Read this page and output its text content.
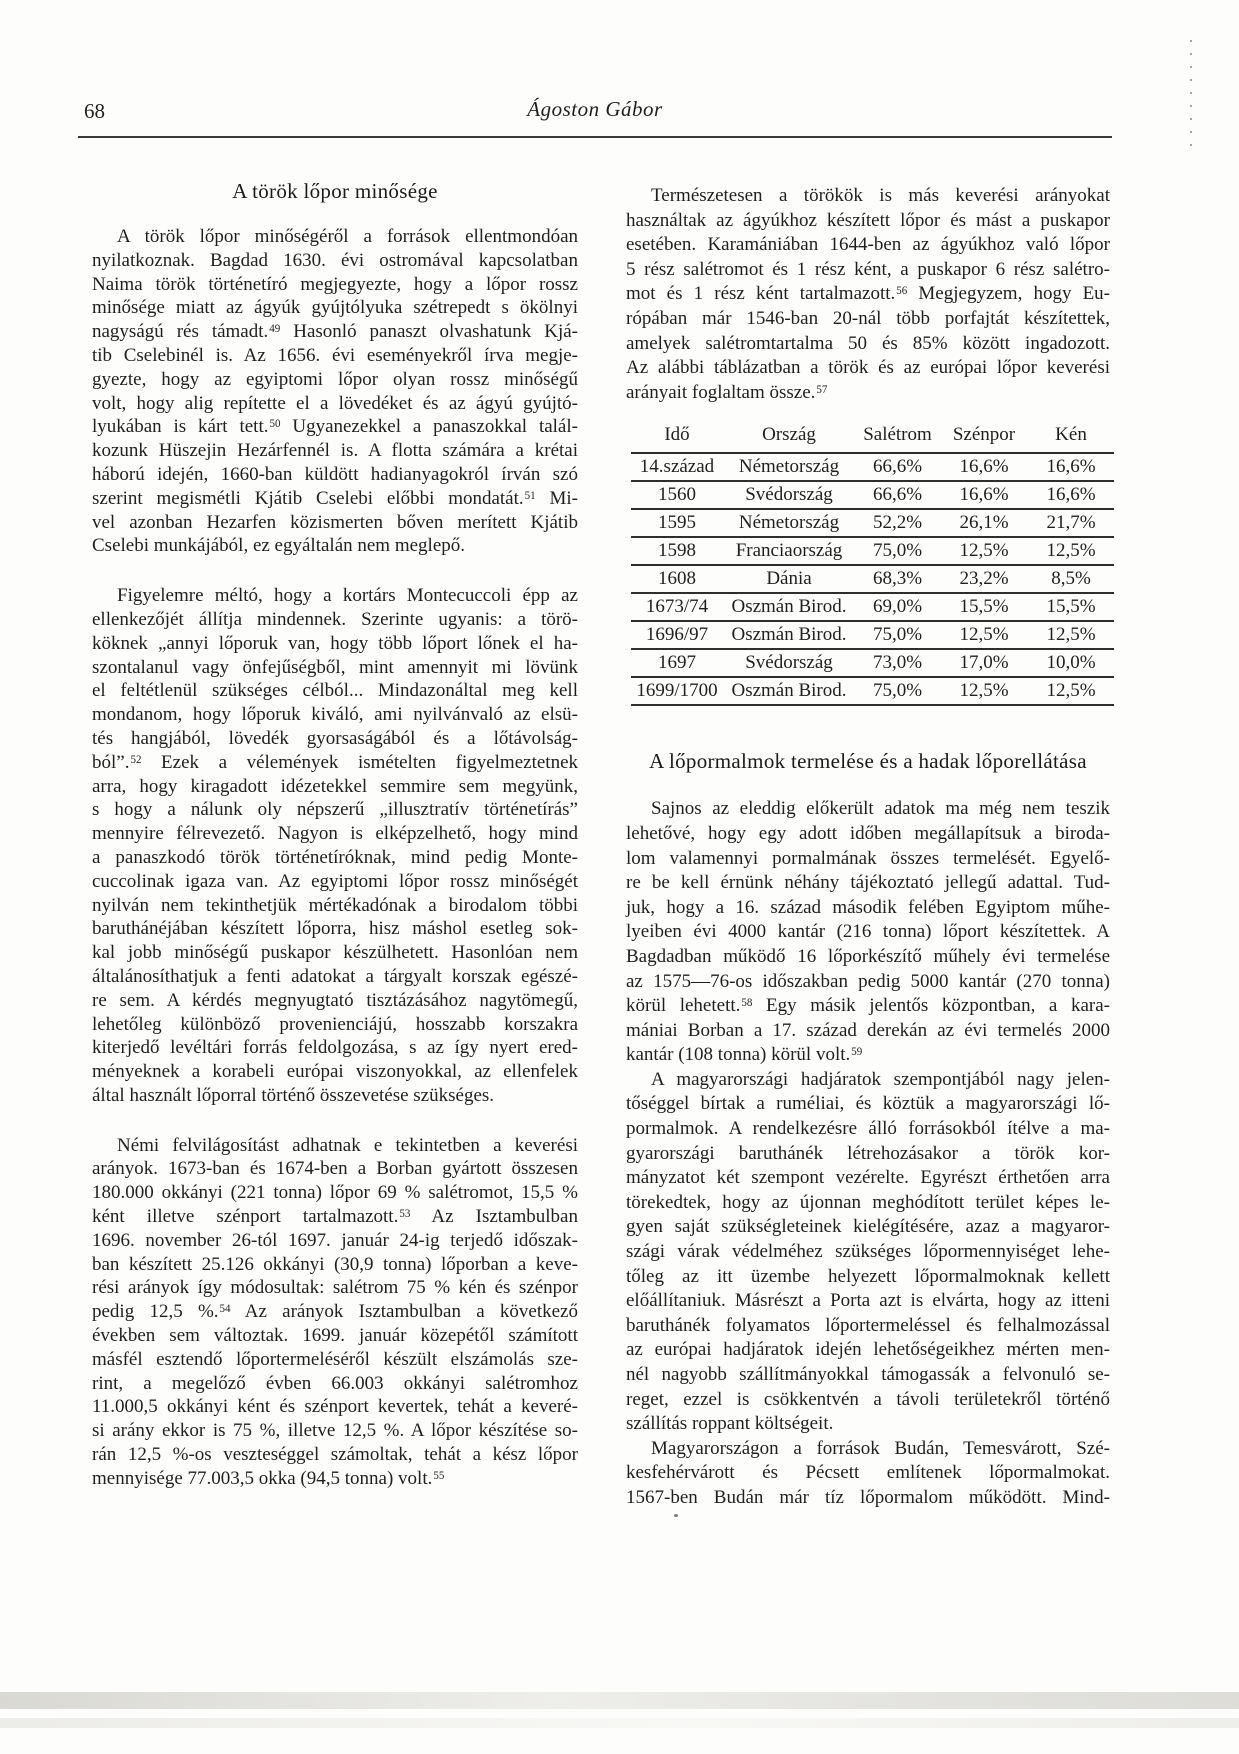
68	Ágoston Gábor
A török lőpor minősége
A török lőpor minőségéről a források ellentmondóan
nyilatkoznak. Bagdad 1630. évi ostromával kapcsolatban
Naima török történetíró megjegyezte, hogy a lőpor rossz
minősége miatt az ágyúk gyújtólyuka szétrepedt s ökölnyi
nagyságú rés támadt.$^{49}$ Hasonló panaszt olvashatunk Kjá-
tib Cselebinél is. Az 1656. évi eseményekről írva megje-
gyezte, hogy az egyiptomi lőpor olyan rossz minőségű
volt, hogy alig repítette el a lövedéket és az ágyú gyújtó-
lyukában is kárt tett.$^{50}$ Ugyanezekkel a panaszokkal talál-
kozunk Hüszejin Hezárfennél is. A flotta számára a krétai
háború idején, 1660-ban küldött hadianyagokról írván szó
szerint megismétli Kjátib Cselebi előbbi mondatát.$^{51}$ Mi-
vel azonban Hezarfen közismerten bőven merített Kjátib
Cselebi munkájából, ez egyáltalán nem meglepő.
Figyelemre méltó, hogy a kortárs Montecuccoli épp az
ellenkezőjét állítja mindennek. Szerinte ugyanis: a törö-
köknek „annyi lőporuk van, hogy több lőport lőnek el ha-
szontalanul vagy önfejűségből, mint amennyit mi lövünk
el feltétlenül szükséges célból... Mindazonáltal meg kell
mondanom, hogy lőporuk kiváló, ami nyilvánvaló az elsü-
tés hangjából, lövedék gyorsaságából és a lőtávolság-
ból”.$^{52}$ Ezek a vélemények ismételten figyelmeztetnek
arra, hogy kiragadott idézetekkel semmire sem megyünk,
s hogy a nálunk oly népszerű „illusztratív történetírás”
mennyire félrevezető. Nagyon is elképzelhető, hogy mind
a panaszkodó török történetíróknak, mind pedig Monte-
cuccolinak igaza van. Az egyiptomi lőpor rossz minőségét
nyilván nem tekinthetjük mértékadónak a birodalom többi
baruthánéjában készített lőporra, hisz máshol esetleg sok-
kal jobb minőségű puskapor készülhetett. Hasonlóan nem
általánosíthatjuk a fenti adatokat a tárgyalt korszak egészé-
re sem. A kérdés megnyugtató tisztázásához nagytömegű,
lehetőleg különböző provenienciájú, hosszabb korszakra
kiterjedő levéltári forrás feldolgozása, s az így nyert ered-
ményeknek a korabeli európai viszonyokkal, az ellenfelek
által használt lőporral történő összevetése szükséges.
Némi felvilágosítást adhatnak e tekintetben a keverési
arányok. 1673-ban és 1674-ben a Borban gyártott összesen
180.000 okkányi (221 tonna) lőpor 69 % salétromot, 15,5 %
ként illetve szénport tartalmazott.$^{53}$ Az Isztambulban
1696. november 26-tól 1697. január 24-ig terjedő időszak-
ban készített 25.126 okkányi (30,9 tonna) lőporban a keve-
rési arányok így módosultak: salétrom 75 % kén és szénpor
pedig 12,5 %.$^{54}$ Az arányok Isztambulban a következő
években sem változtak. 1699. január közepétől számított
másfél esztendő lőportermeléséről készült elszámolás sze-
rint, a megelőző évben 66.003 okkányi salétromhoz
11.000,5 okkányi ként és szénport kevertek, tehát a keveré-
si arány ekkor is 75 %, illetve 12,5 %. A lőpor készítése so-
rán 12,5 %-os veszteséggel számoltak, tehát a kész lőpor
mennyisége 77.003,5 okka (94,5 tonna) volt.$^{55}$
Természetesen a törökök is más keverési arányokat
használtak az ágyúkhoz készített lőpor és mást a puskapor
esetében. Karamániában 1644-ben az ágyúkhoz való lőpor
5 rész salétromot és 1 rész ként, a puskapor 6 rész salétro-
mot és 1 rész ként tartalmazott.$^{56}$ Megjegyzem, hogy Eu-
rópában már 1546-ban 20-nál több porfajtát készítettek,
amelyek salétromtartalma 50 és 85% között ingadozott.
Az alábbi táblázatban a török és az európai lőpor keverési
arányait foglaltam össze.$^{57}$
Idő	Ország	Salétrom	Szénpor	Kén
14.század	Németország	66,6%	16,6%	16,6%
1560	Svédország	66,6%	16,6%	16,6%
1595	Németország	52,2%	26,1%	21,7%
1598	Franciaország	75,0%	12,5%	12,5%
1608	Dánia	68,3%	23,2%	8,5%
1673/74	Oszmán Birod.	69,0%	15,5%	15,5%
1696/97	Oszmán Birod.	75,0%	12,5%	12,5%
1697	Svédország	73,0%	17,0%	10,0%
1699/1700	Oszmán Birod.	75,0%	12,5%	12,5%
A lőpormalmok termelése és a hadak lőporellátása
Sajnos az eleddig előkerült adatok ma még nem teszik
lehetővé, hogy egy adott időben megállapítsuk a biroda-
lom valamennyi pormalmának összes termelését. Egyelő-
re be kell érnünk néhány tájékoztató jellegű adattal. Tud-
juk, hogy a 16. század második felében Egyiptom műhe-
lyeiben évi 4000 kantár (216 tonna) lőport készítettek. A
Bagdadban működő 16 lőporkészítő műhely évi termelése
az 1575—76-os időszakban pedig 5000 kantár (270 tonna)
körül lehetett.$^{58}$ Egy másik jelentős központban, a kara-
mániai Borban a 17. század derekán az évi termelés 2000
kantár (108 tonna) körül volt.$^{59}$
A magyarországi hadjáratok szempontjából nagy jelen-
tőséggel bírtak a ruméliai, és köztük a magyarországi lő-
pormalmok. A rendelkezésre álló forrásokból ítélve a ma-
gyarországi baruthánék létrehozásakor a török kor-
mányzatot két szempont vezérelte. Egyrészt érthetően arra
törekedtek, hogy az újonnan meghódított terület képes le-
gyen saját szükségleteinek kielégítésére, azaz a magyaror-
szági várak védelméhez szükséges lőpormennyiséget lehe-
tőleg az itt üzembe helyezett lőpormalmoknak kellett
előállítaniuk. Másrészt a Porta azt is elvárta, hogy az itteni
baruthánék folyamatos lőportermeléssel és felhalmozással
az európai hadjáratok idején lehetőségeikhez mérten men-
nél nagyobb szállítmányokkal támogassák a felvonuló se-
reget, ezzel is csökkentvén a távoli területekről történő
szállítás roppant költségeit.
Magyarországon a források Budán, Temesvárott, Szé-
kesfehérvárott és Pécsett említenek lőpormalmokat.
1567-ben Budán már tíz lőpormalom működött. Mind-
